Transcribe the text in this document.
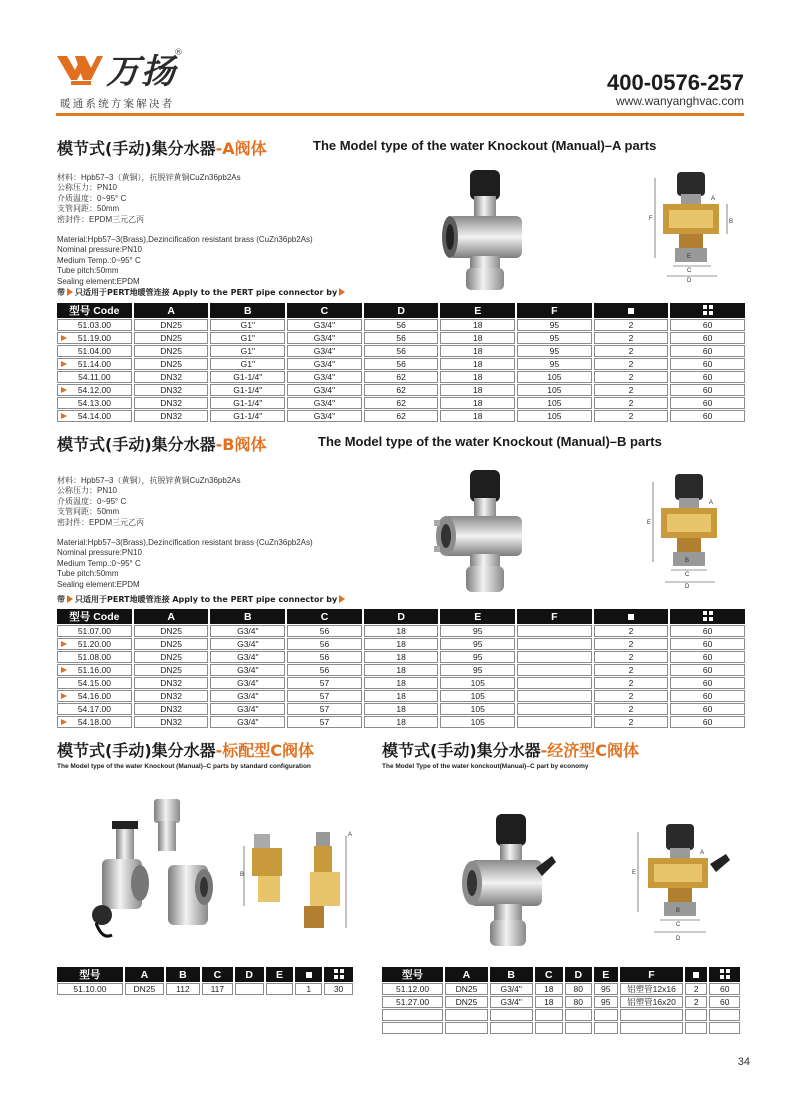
万扬
®
暖通系统方案解决者
400-0576-257
www.wanyanghvac.com
模节式(手动)集分水器-A阀体	The Model type of the water Knockout (Manual)–A parts
材料：Hpb57–3（黄铜），抗脱锌黄铜CuZn36pb2As
公称压力：PN10
介质温度：0~95° C
支管间距：50mm
密封件：EPDM三元乙丙
Material:Hpb57–3(Brass),Dezincification resistant brass (CuZn36pb2As)
Nominal pressure:PN10
Medium Temp.:0~95° C
Tube pitch:50mm
Sealing element:EPDM
带 只适用于PERT地暖管连接 Apply to the PERT pipe connector by
F
A
B
E
C
D
型号 Code	A	B	C	D	E	F		
51.03.00	DN25	G1"	G3/4"	56	18	95	2	60

51.19.00	DN25	G1"	G3/4"	56	18	95	2	60
51.04.00	DN25	G1"	G3/4"	56	18	95	2	60

51.14.00	DN25	G1"	G3/4"	56	18	95	2	60
54.11.00	DN32	G1-1/4"	G3/4"	62	18	105	2	60

54.12.00	DN32	G1-1/4"	G3/4"	62	18	105	2	60
54.13.00	DN32	G1-1/4"	G3/4"	62	18	105	2	60

54.14.00	DN32	G1-1/4"	G3/4"	62	18	105	2	60
模节式(手动)集分水器-B阀体	The Model type of the water Knockout (Manual)–B parts
材料：Hpb57–3（黄铜），抗脱锌黄铜CuZn36pb2As
公称压力：PN10
介质温度：0~95° C
支管间距：50mm
密封件：EPDM三元乙丙
Material:Hpb57–3(Brass),Dezincification resistant brass (CuZn36pb2As)
Nominal pressure:PN10
Medium Temp.:0~95° C
Tube pitch:50mm
Sealing element:EPDM
带 只适用于PERT地暖管连接 Apply to the PERT pipe connector by
E
A
B
C
D
型号 Code	A	B	C	D	E	F		
51.07.00	DN25	G3/4"	56	18	95		2	60

51.20.00	DN25	G3/4"	56	18	95		2	60
51.08.00	DN25	G3/4"	56	18	95		2	60

51.16.00	DN25	G3/4"	56	18	95		2	60
54.15.00	DN32	G3/4"	57	18	105		2	60

54.16.00	DN32	G3/4"	57	18	105		2	60
54.17.00	DN32	G3/4"	57	18	105		2	60

54.18.00	DN32	G3/4"	57	18	105		2	60
模节式(手动)集分水器-标配型C阀体
The Model type of the water Knockout (Manual)–C parts by standard configuration
B
A
型号	A	B	C	D	E		
51.10.00	DN25	112	117			1	30
模节式(手动)集分水器-经济型C阀体
The Model Type of the water konckout(Manual)–C part by economy
E
A
B
C
D
型号	A	B	C	D	E	F		
51.12.00	DN25	G3/4"	18	80	95	铝塑管12x16	2	60
51.27.00	DN25	G3/4"	18	80	95	铝塑管16x20	2	60

34
